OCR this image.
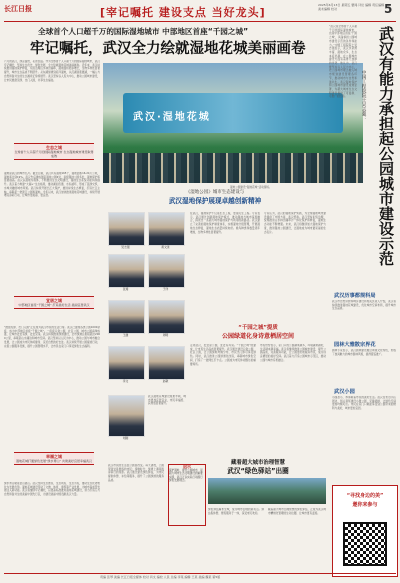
长江日报	[宰记嘱托 建设支点 当好龙头]
2025年6月13日 星期五 要闻·评论 编辑 责任编辑 美术编辑 校对	5
全球首个人口超千万的国际湿地城市 中部地区首座“千园之城”
牢记嘱托，武汉全力绘就湿地花城美丽画卷
六月的武汉，绿意盎然，花香四溢。作为全球首个人口超千万的国际湿地城市，武汉牢记嘱托，坚持生态优先、绿色发展，全力绘就湿地花城美丽画卷。近年来，武汉持续推进湿地保护修复，系统治理山水林田湖草，湿地面积稳步增长，生物多样性显著提升，城市生态品质不断跃升。从东湖绿道到府河湿地，从沉湖到涨渡湖，一幅人与自然和谐共生的生态画卷正徐徐展开。武汉坚持以人民为中心，推动公园城市建设，让市民推窗见绿、出门入园，共享生态福祉。
生态之城
全球首个人口超千万的国际湿地城市 生态湿地城市建设取得成效
湿地是武汉的城市名片。截至目前，武汉共有湿地165个，湿地面积16.24万公顷，湿地率达到19%。武汉先后建成国家湿地公园6处、省级湿地公园多处，湿地保护率显著提高。武汉以湿地为载体，不断推进生态文明建设，湿地生态系统功能持续提升。武汉着力构建“大湖+”生态格局，推动湖泊连通、水系循环，形成了蓝绿交织、水城共融的城市风貌。武汉持续开展长江大保护，推进岸线生态修复，打造长江主轴，串联起一批滨江公园和湿地。今年以来，武汉加快推进湿地花城建设，持续开展增花添彩行动，让城市更美丽、更宜居。
宜居之城
中部地区首座“千园之城” 打造美好生活 美丽宜居武汉
“推窗见绿、出门入园”正在成为武汉市民的生活日常。武汉已建成各类公园1000余座，成为中部地区首座“千园之城”。一座座口袋公园、社区公园、城市公园串珠成链，让城市处处有绿、处处见景。武汉持续推进绿道建设，全市绿道总里程超过2000公里，串联起山水湖泊和城市空间。武汉坚持以人民为中心，推动公园与城市融合发展，让公园成为市民休闲健身、亲近自然的好去处。武汉持续开展公园提质行动，完善公园服务设施，提升公园管理水平，让市民在家门口享受绿色生态福利。
幸福之城
湿地花城打通绿色发展“绿水青山” 共建美好宜居幸福武汉
绿水青山就是金山银山。武汉坚持生态惠民、生态利民、生态为民，推动生态优势转化为发展优势。湿地花城建设带动了文旅、体育、康养等产业发展，为城市高质量发展注入新动能。武汉将继续牢记嘱托，以更高标准推进湿地花城建设，努力打造人与自然和谐共生的美丽中国先行区，为建设美丽中国贡献武汉力量。
武汉·湿地花城
湿地公园建设“湿地花城”活动现场。	武汉有能力承担起公园城市建设示范
中国工程院院士吴志强：
“武汉是全球首个人口超千万的国际湿地城市，也是中部地区首座‘千园之城’，具备承担公园城市建设示范的条件和能力。”中国工程院院士吴志强表示，武汉水资源丰富、湿地众多，生态本底优越，在公园城市建设方面有着得天独厚的优势。他认为，武汉要坚持以人民为中心，把公园城市理念融入城市规划建设管理各环节，推动城市与自然和谐共生。武汉湿地保护和公园城市建设成效显著，为超大城市生态文明建设提供了可复制、可推广的经验。
《湿地公园》城市生态建设与
武汉湿地保护展现卓越创新精神
吴志强	黄文进
张翔	于洋
在武汉，湿地保护不仅是生态工程，更是民生工程。专家表示，武汉通过创新湿地保护模式，推动湿地与城市深度融合，探索出一条超大城市湿地保护与利用的新路径。武汉建立了完善的湿地保护制度体系，实施湿地分级管理，开展湿地生态修复，湿地生态质量持续向好。候鸟种类和数量逐年增加，生物多样性显著提升。
专家认为，武汉的湿地保护实践，为全球湿地城市建设提供了中国方案、武汉经验。武汉坚持系统治理，统筹推进山水林田湖草沙一体化保护和修复，湿地生态功能不断增强。未来，武汉将继续加大湿地保护力度，推进湿地公园建设，让湿地成为城市最亮丽的生态名片。
王健	周明
“千园之城”提质
公园绿道化身诗意栖居空间
走进武汉，处处是公园，处处有风景。“千园之城”的建成，让市民生活品质显著提升。武汉通过建设口袋公园、社区公园，让公园绿地均衡分布，市民出门即可享受绿色。同时，武汉推进公园绿道化改造，串联城市绿色空间，打造了一批网红打卡点。公园成为市民休闲娱乐的重要场所。
市民纷纷表示，家门口的公园越来越多，环境越来越好，生活越来越幸福。武汉将继续推进公园城市建设，提升公园品质，完善服务功能，让公园更好地服务市民，成为诗意栖居的美好空间。武汉着力打造公园城市示范区，推动公园与城市有机融合。
李文	赵敏
刘刚
武汉湿地花城建设成果丰硕，城市更加宜居宜业，市民幸福感、获得感显著提升。
藏着超大城市治理智慧
武汉“绿色驿站”出圈
启示
保护湿地、建设公园城市，是超大城市生态文明建设的重要实践，武汉正以实际行动践行绿色发展理念。
武汉市民的生活因公园而改变。每天清晨，公园里到处是晨练的市民；傍晚时分，绿道上满是散步骑行的身影。武汉通过建设绿色驿站，为市民提供休憩、补给等服务，提升了公园绿道的服务品质。
绿色驿站遍布全城，成为城市治理的新亮点。驿站集休憩、便民服务于一体，深受市民欢迎。
藏着超大城市治理智慧的绿色驿站，正成为武汉城市精细化管理的生动注脚，让城市更有温度。
武汉历事都规科局
武汉市自然资源和城乡建设局相关负责人介绍，武汉将持续推进湿地花城建设，优化城市空间布局，提升城市生态品质。
园林大雅散宗界花
园林专家表示，武汉园林建设融合荆楚文化特色，形成了独具魅力的城市园林风貌，值得借鉴推广。
武汉小园
小园虽小，却承载着市民的美好生活。武汉在老旧小区周边、街头巷尾建设小微公园，见缝插绿，让绿色空间更加均衡可达。市民在家门口就能享受到公园带来的便利与美好，城市更加宜居。
“寻找身边的美”
邀你来参与
责编 张琴 美编 长江日报全媒体 校对 肖文 编校 人民 总编 李某 编辑 王某 美编 魏某 第5版
